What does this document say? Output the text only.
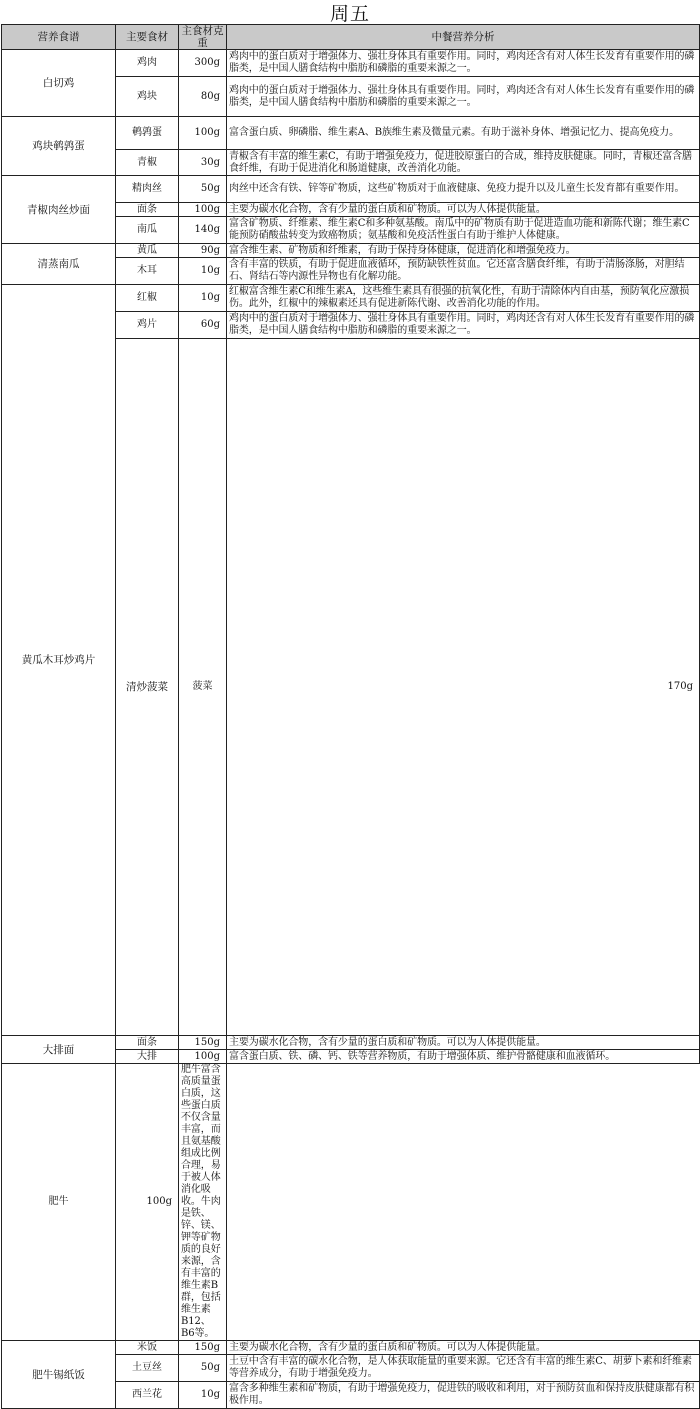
周五
营养食谱	主要食材	主食材克重	中餐营养分析	
白切鸡	鸡肉	300g	鸡肉中的蛋白质对于增强体力、强壮身体具有重要作用。同时，鸡肉还含有对人体生长发育有重要作用的磷脂类，是中国人膳食结构中脂肪和磷脂的重要来源之一。	
	鸡块	80g	鸡肉中的蛋白质对于增强体力、强壮身体具有重要作用。同时，鸡肉还含有对人体生长发育有重要作用的磷脂类，是中国人膳食结构中脂肪和磷脂的重要来源之一。	
鸡块鹌鹑蛋	鹌鹑蛋	100g	富含蛋白质、卵磷脂、维生素A、B族维生素及微量元素。有助于滋补身体、增强记忆力、提高免疫力。	
	青椒	30g	青椒含有丰富的维生素C，有助于增强免疫力，促进胶原蛋白的合成，维持皮肤健康。同时，青椒还富含膳食纤维，有助于促进消化和肠道健康，改善消化功能。	
青椒肉丝炒面	精肉丝	50g	肉丝中还含有铁、锌等矿物质，这些矿物质对于血液健康、免疫力提升以及儿童生长发育都有重要作用。	
	面条	100g	主要为碳水化合物，含有少量的蛋白质和矿物质。可以为人体提供能量。	
	南瓜	140g	富含矿物质、纤维素、维生素C和多种氨基酸。南瓜中的矿物质有助于促进造血功能和新陈代谢；维生素C能预防硝酸盐转变为致癌物质；氨基酸和免疫活性蛋白有助于维护人体健康。	
清蒸南瓜	黄瓜	90g	富含维生素、矿物质和纤维素，有助于保持身体健康，促进消化和增强免疫力。	
	木耳	10g	含有丰富的铁质，有助于促进血液循环，预防缺铁性贫血。它还富含膳食纤维，有助于清肠涤肠，对胆结石、肾结石等内源性异物也有化解功能。	
黄瓜木耳炒鸡片	红椒	10g	红椒富含维生素C和维生素A，这些维生素具有很强的抗氧化性，有助于清除体内自由基，预防氧化应激损伤。此外，红椒中的辣椒素还具有促进新陈代谢、改善消化功能的作用。	
	鸡片	60g	鸡肉中的蛋白质对于增强体力、强壮身体具有重要作用。同时，鸡肉还含有对人体生长发育有重要作用的磷脂类，是中国人膳食结构中脂肪和磷脂的重要来源之一。	
	清炒菠菜	菠菜	170g	
大排面	面条	150g	主要为碳水化合物，含有少量的蛋白质和矿物质。可以为人体提供能量。	
	大排	100g	富含蛋白质、铁、磷、钙、铁等营养物质，有助于增强体质、维护骨骼健康和血液循环。	
肥牛	100g	肥牛富含高质量蛋白质，这些蛋白质不仅含量丰富，而且氨基酸组成比例合理，易于被人体消化吸收。牛肉是铁、锌、镁、钾等矿物质的良好来源，含有丰富的维生素B群，包括维生素B12、B6等。		
肥牛锡纸饭	米饭	150g	主要为碳水化合物，含有少量的蛋白质和矿物质。可以为人体提供能量。	
	土豆丝	50g	土豆中含有丰富的碳水化合物，是人体获取能量的重要来源。它还含有丰富的维生素C、胡萝卜素和纤维素等营养成分，有助于增强免疫力。	
	西兰花	10g	富含多种维生素和矿物质，有助于增强免疫力，促进铁的吸收和利用，对于预防贫血和保持皮肤健康都有积极作用。	
